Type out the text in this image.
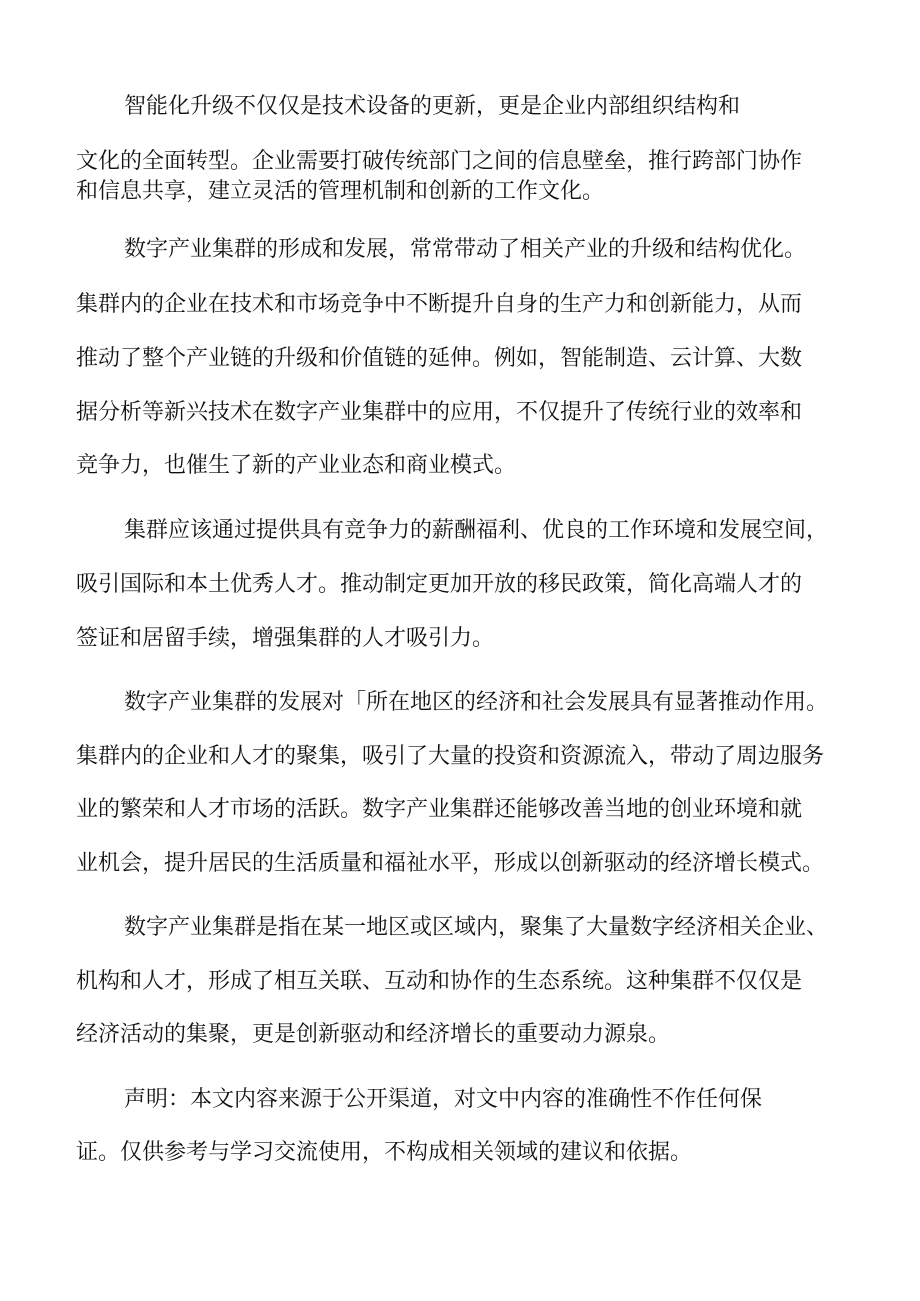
智能化升级不仅仅是技术设备的更新，更是企业内部组织结构和
文化的全面转型。企业需要打破传统部门之间的信息壁垒，推行跨部门协作
和信息共享，建立灵活的管理机制和创新的工作文化。
数字产业集群的形成和发展，常常带动了相关产业的升级和结构优化。
集群内的企业在技术和市场竞争中不断提升自身的生产力和创新能力，从而
推动了整个产业链的升级和价值链的延伸。例如，智能制造、云计算、大数
据分析等新兴技术在数字产业集群中的应用，不仅提升了传统行业的效率和
竞争力，也催生了新的产业业态和商业模式。
集群应该通过提供具有竞争力的薪酬福利、优良的工作环境和发展空间，
吸引国际和本土优秀人才。推动制定更加开放的移民政策，简化高端人才的
签证和居留手续，增强集群的人才吸引力。
数字产业集群的发展对「所在地区的经济和社会发展具有显著推动作用。
集群内的企业和人才的聚集，吸引了大量的投资和资源流入，带动了周边服务
业的繁荣和人才市场的活跃。数字产业集群还能够改善当地的创业环境和就
业机会，提升居民的生活质量和福祉水平，形成以创新驱动的经济增长模式。
数字产业集群是指在某一地区或区域内，聚集了大量数字经济相关企业、
机构和人才，形成了相互关联、互动和协作的生态系统。这种集群不仅仅是
经济活动的集聚，更是创新驱动和经济增长的重要动力源泉。
声明：本文内容来源于公开渠道，对文中内容的准确性不作任何保
证。仅供参考与学习交流使用，不构成相关领域的建议和依据。
